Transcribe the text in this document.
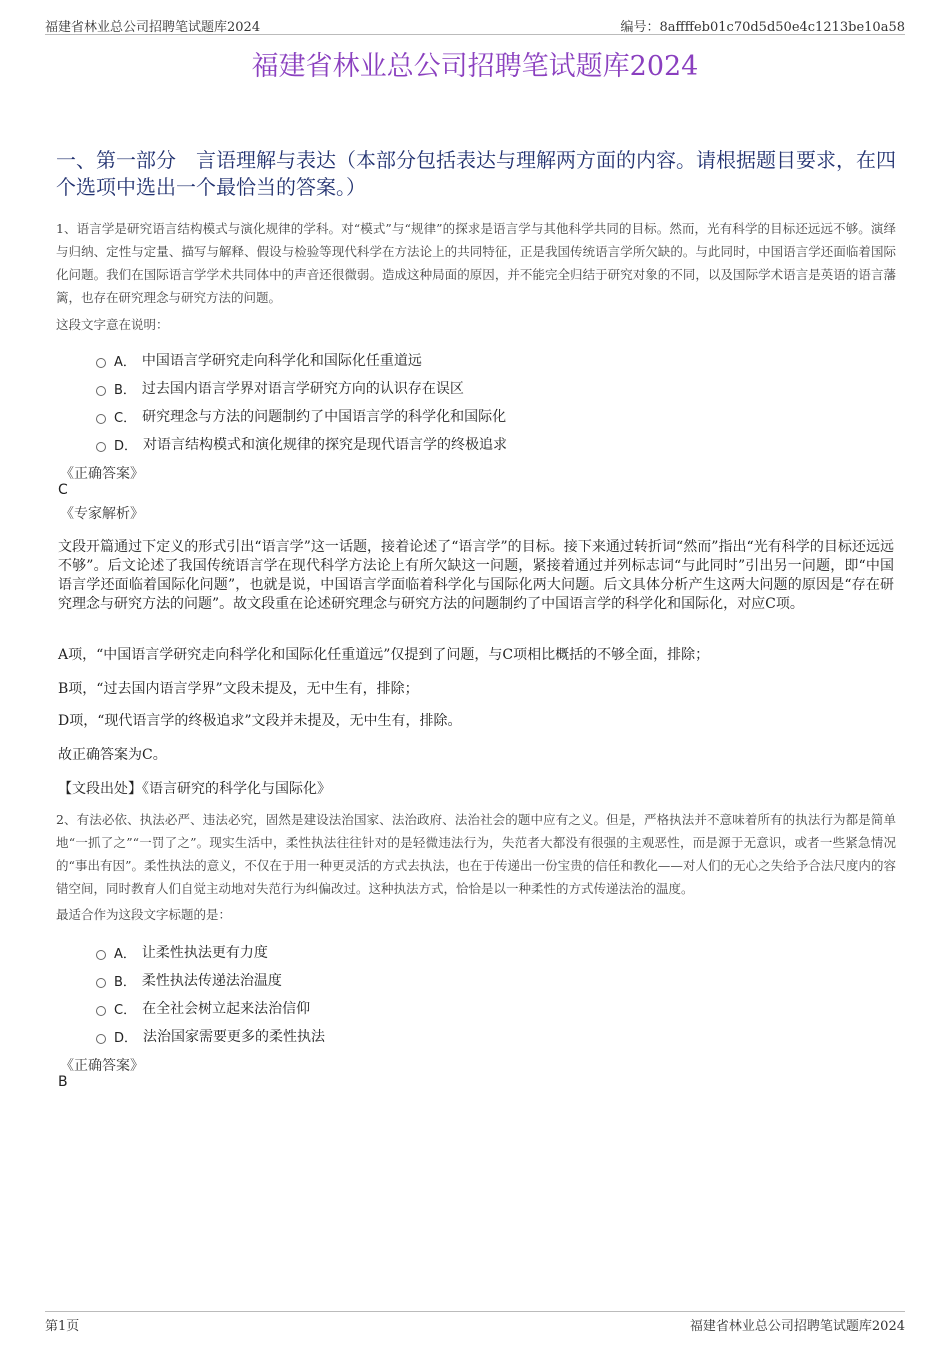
福建省林业总公司招聘笔试题库2024	编号：8affffeb01c70d5d50e4c1213be10a58
福建省林业总公司招聘笔试题库2024
一、第一部分　言语理解与表达（本部分包括表达与理解两方面的内容。请根据题目要求，在四个选项中选出一个最恰当的答案。）
1、语言学是研究语言结构模式与演化规律的学科。对“模式”与“规律”的探求是语言学与其他科学共同的目标。然而，光有科学的目标还远远不够。演绎与归纳、定性与定量、描写与解释、假设与检验等现代科学在方法论上的共同特征，正是我国传统语言学所欠缺的。与此同时，中国语言学还面临着国际化问题。我们在国际语言学学术共同体中的声音还很微弱。造成这种局面的原因，并不能完全归结于研究对象的不同，以及国际学术语言是英语的语言藩篱，也存在研究理念与研究方法的问题。
这段文字意在说明：
A． 中国语言学研究走向科学化和国际化任重道远
B． 过去国内语言学界对语言学研究方向的认识存在误区
C． 研究理念与方法的问题制约了中国语言学的科学化和国际化
D． 对语言结构模式和演化规律的探究是现代语言学的终极追求
《正确答案》
C
《专家解析》
文段开篇通过下定义的形式引出“语言学”这一话题，接着论述了“语言学”的目标。接下来通过转折词“然而”指出“光有科学的目标还远远不够”。后文论述了我国传统语言学在现代科学方法论上有所欠缺这一问题，紧接着通过并列标志词“与此同时”引出另一问题，即“中国语言学还面临着国际化问题”，也就是说，中国语言学面临着科学化与国际化两大问题。后文具体分析产生这两大问题的原因是“存在研究理念与研究方法的问题”。故文段重在论述研究理念与研究方法的问题制约了中国语言学的科学化和国际化，对应C项。
A项，“中国语言学研究走向科学化和国际化任重道远”仅提到了问题，与C项相比概括的不够全面，排除；
B项，“过去国内语言学界”文段未提及，无中生有，排除；
D项，“现代语言学的终极追求”文段并未提及，无中生有，排除。
故正确答案为C。
【文段出处】《语言研究的科学化与国际化》
2、有法必依、执法必严、违法必究，固然是建设法治国家、法治政府、法治社会的题中应有之义。但是，严格执法并不意味着所有的执法行为都是简单地“一抓了之”“一罚了之”。现实生活中，柔性执法往往针对的是轻微违法行为，失范者大都没有很强的主观恶性，而是源于无意识，或者一些紧急情况的“事出有因”。柔性执法的意义，不仅在于用一种更灵活的方式去执法，也在于传递出一份宝贵的信任和教化——对人们的无心之失给予合法尺度内的容错空间，同时教育人们自觉主动地对失范行为纠偏改过。这种执法方式，恰恰是以一种柔性的方式传递法治的温度。
最适合作为这段文字标题的是：
A． 让柔性执法更有力度
B． 柔性执法传递法治温度
C． 在全社会树立起来法治信仰
D． 法治国家需要更多的柔性执法
《正确答案》
B
第1页	福建省林业总公司招聘笔试题库2024
